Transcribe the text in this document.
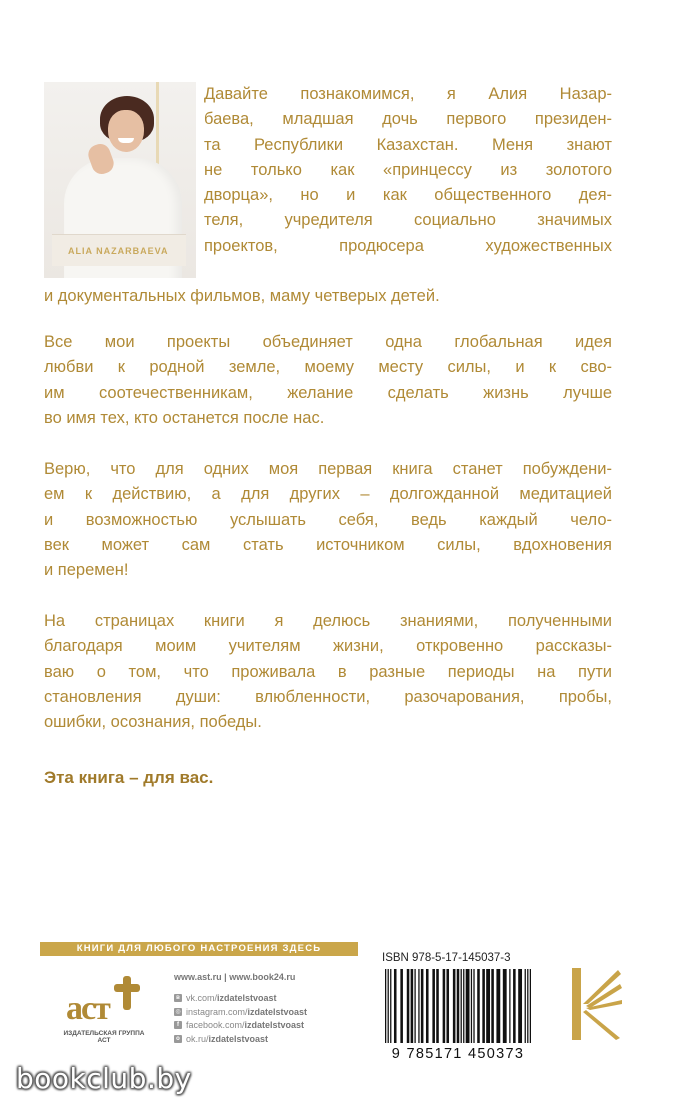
ALIA NAZARBAEVA
Давайте познакомимся, я Алия Назар-
баева, младшая дочь первого президен-
та Республики Казахстан. Меня знают
не только как «принцессу из золотого
дворца», но и как общественного дея-
теля, учредителя социально значимых
проектов, продюсера художественных
и документальных фильмов, маму четверых детей.
Все мои проекты объединяет одна глобальная идея
любви к родной земле, моему месту силы, и к сво-
им соотечественникам, желание сделать жизнь лучше
во имя тех, кто останется после нас.
Верю, что для одних моя первая книга станет побуждени-
ем к действию, а для других – долгожданной медитацией
и возможностью услышать себя, ведь каждый чело-
век может сам стать источником силы, вдохновения
и перемен!
На страницах книги я делюсь знаниями, полученными
благодаря моим учителям жизни, откровенно рассказы-
ваю о том, что проживала в разные периоды на пути
становления души: влюбленности, разочарования, пробы,
ошибки, осознания, победы.
Эта книга – для вас.
КНИГИ ДЛЯ ЛЮБОГО НАСТРОЕНИЯ ЗДЕСЬ
аст
ИЗДАТЕЛЬСКАЯ ГРУППА АСТ
www.ast.ru | www.book24.ru
в vk.com/ izdatelstvoast
◎ instagram.com/ izdatelstvoast
f facebook.com/ izdatelstvoast
о ok.ru/ izdatelstvoast
ISBN 978-5-17-145037-3
9 785171 450373
bookclub.by
